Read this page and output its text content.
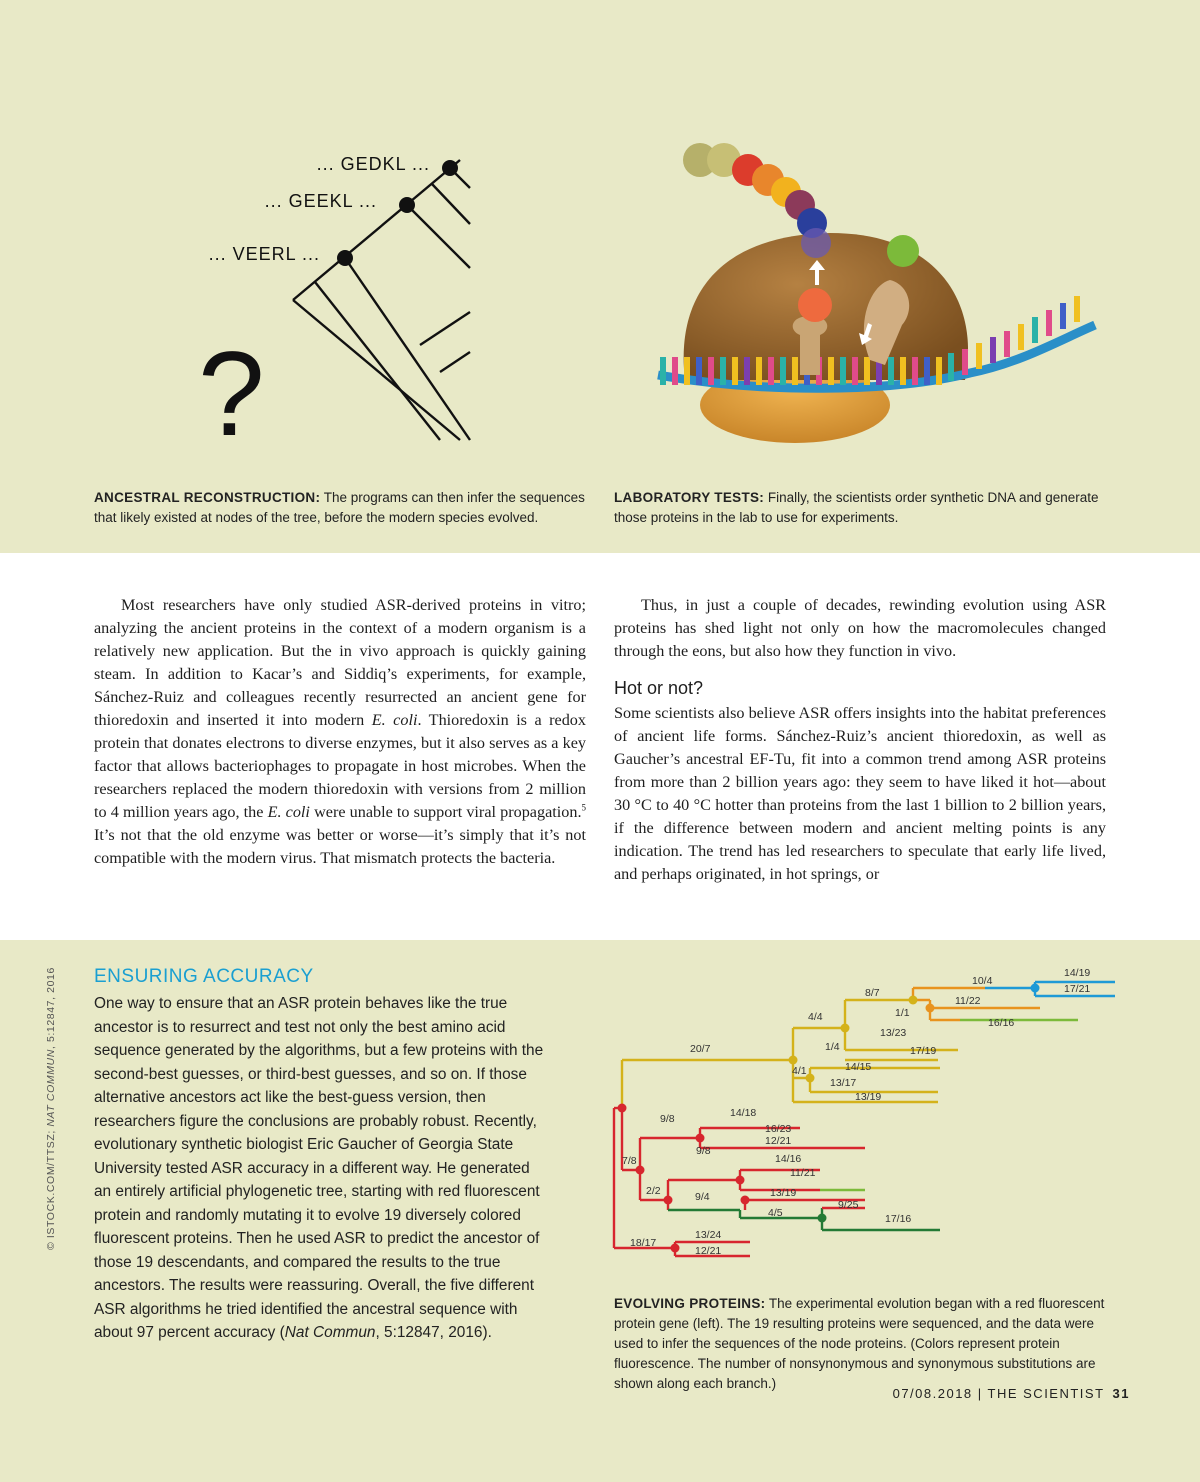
... GEDKL ...
... GEEKL ...
... VEERL ...
?
ANCESTRAL RECONSTRUCTION: The programs can then infer the sequences that likely existed at nodes of the tree, before the modern species evolved.
LABORATORY TESTS: Finally, the scientists order synthetic DNA and generate those proteins in the lab to use for experiments.

Most researchers have only studied ASR-derived proteins in vitro; analyzing the ancient proteins in the context of a modern organism is a relatively new application. But the in vivo approach is quickly gaining steam. In addition to Kacar’s and Siddiq’s experiments, for example, Sánchez-Ruiz and colleagues recently resurrected an ancient gene for thioredoxin and inserted it into modern E. coli. Thioredoxin is a redox protein that donates electrons to diverse enzymes, but it also serves as a key factor that allows bacteriophages to propagate in host microbes. When the researchers replaced the modern thioredoxin with versions from 2 million to 4 million years ago, the E. coli were unable to support viral propagation.$^5$ It’s not that the old enzyme was better or worse—it’s simply that it’s not compatible with the modern virus. That mismatch protects the bacteria.

Thus, in just a couple of decades, rewinding evolution using ASR proteins has shed light not only on how the macromolecules changed through the eons, but also how they function in vivo.

Hot or not?

Some scientists also believe ASR offers insights into the habitat preferences of ancient life forms. Sánchez-Ruiz’s ancient thioredoxin, as well as Gaucher’s ancestral EF-Tu, fit into a common trend among ASR proteins from more than 2 billion years ago: they seem to have liked it hot—about 30 °C to 40 °C hotter than proteins from the last 1 billion to 2 billion years, if the difference between modern and ancient melting points is any indication. The trend has led researchers to speculate that early life lived, and perhaps originated, in hot springs, or

ENSURING ACCURACY

One way to ensure that an ASR protein behaves like the true ancestor is to resurrect and test not only the best amino acid sequence generated by the algorithms, but a few proteins with the second-best guesses, or third-best guesses, and so on. If those alternative ancestors act like the best-guess version, then researchers figure the conclusions are probably robust. Recently, evolutionary synthetic biologist Eric Gaucher of Georgia State University tested ASR accuracy in a different way. He generated an entirely artificial phylogenetic tree, starting with red fluorescent protein and randomly mutating it to evolve 19 diversely colored fluorescent proteins. Then he used ASR to predict the ancestor of those 19 descendants, and compared the results to the true ancestors. The results were reassuring. Overall, the five different ASR algorithms he tried identified the ancestral sequence with about 97 percent accuracy (Nat Commun, 5:12847, 2016).

© ISTOCK.COM/TTSZ; NAT COMMUN, 5:12847, 2016	14/19
10/4
17/21
8/7
11/22
1/1
16/16
4/4
13/23
1/4	17/19
20/7
14/15
4/1
13/17
13/19
9/8	14/18
16/23
12/21
7/8
9/8
14/16
11/21
2/2	13/19
9/4
9/25
4/5	17/16
13/24
18/17
12/21
EVOLVING PROTEINS: The experimental evolution began with a red fluorescent protein gene (left). The 19 resulting proteins were sequenced, and the data were used to infer the sequences of the node proteins. (Colors represent protein fluorescence. The number of nonsynonymous and synonymous substitutions are shown along each branch.)
07/08.2018 | THE SCIENTIST 31
